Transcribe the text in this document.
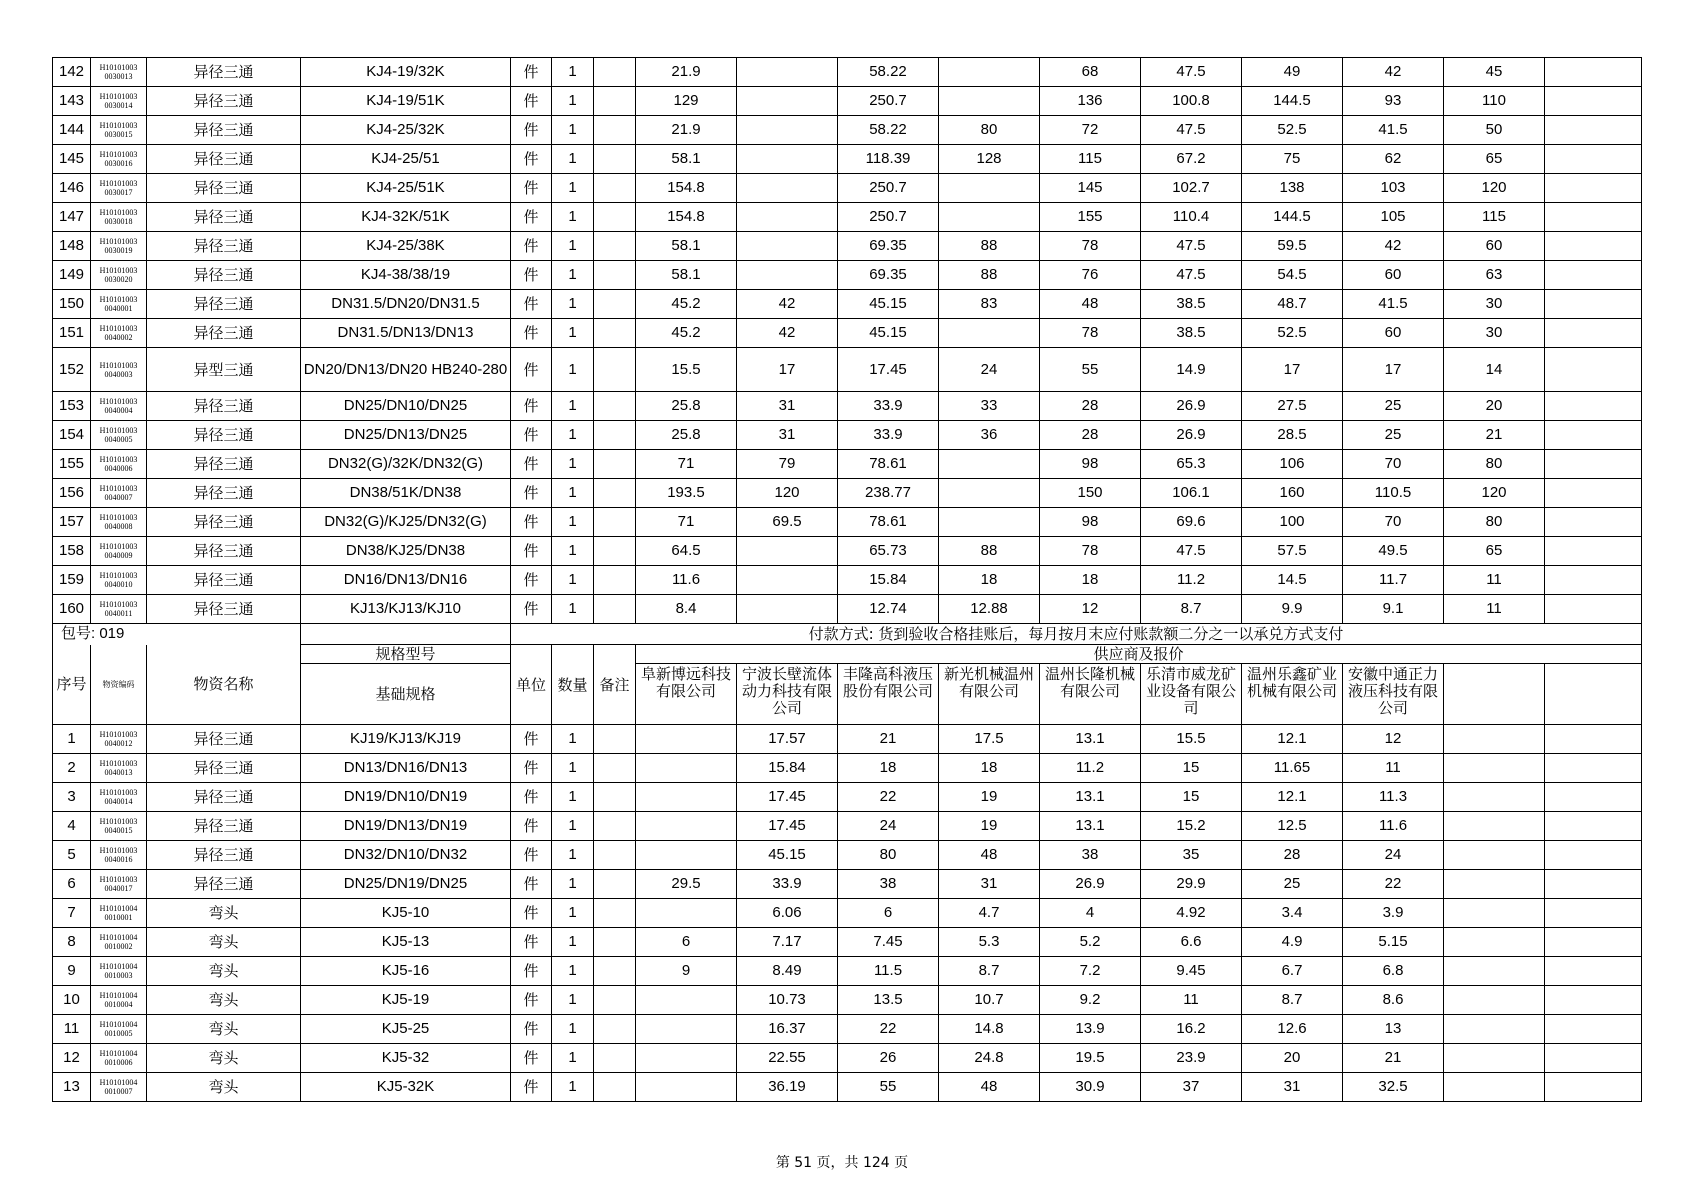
142	H10101003 0030013	异径三通	KJ4-19/32K	件	1		21.9		58.22		68	47.5	49	42	45	
143	H10101003 0030014	异径三通	KJ4-19/51K	件	1		129		250.7		136	100.8	144.5	93	110	
144	H10101003 0030015	异径三通	KJ4-25/32K	件	1		21.9		58.22	80	72	47.5	52.5	41.5	50	
145	H10101003 0030016	异径三通	KJ4-25/51	件	1		58.1		118.39	128	115	67.2	75	62	65	
146	H10101003 0030017	异径三通	KJ4-25/51K	件	1		154.8		250.7		145	102.7	138	103	120	
147	H10101003 0030018	异径三通	KJ4-32K/51K	件	1		154.8		250.7		155	110.4	144.5	105	115	
148	H10101003 0030019	异径三通	KJ4-25/38K	件	1		58.1		69.35	88	78	47.5	59.5	42	60	
149	H10101003 0030020	异径三通	KJ4-38/38/19	件	1		58.1		69.35	88	76	47.5	54.5	60	63	
150	H10101003 0040001	异径三通	DN31.5/DN20/DN31.5	件	1		45.2	42	45.15	83	48	38.5	48.7	41.5	30	
151	H10101003 0040002	异径三通	DN31.5/DN13/DN13	件	1		45.2	42	45.15		78	38.5	52.5	60	30	
152	H10101003 0040003	异型三通	DN20/DN13/DN20 HB240-280	件	1		15.5	17	17.45	24	55	14.9	17	17	14	
153	H10101003 0040004	异径三通	DN25/DN10/DN25	件	1		25.8	31	33.9	33	28	26.9	27.5	25	20	
154	H10101003 0040005	异径三通	DN25/DN13/DN25	件	1		25.8	31	33.9	36	28	26.9	28.5	25	21	
155	H10101003 0040006	异径三通	DN32(G)/32K/DN32(G)	件	1		71	79	78.61		98	65.3	106	70	80	
156	H10101003 0040007	异径三通	DN38/51K/DN38	件	1		193.5	120	238.77		150	106.1	160	110.5	120	
157	H10101003 0040008	异径三通	DN32(G)/KJ25/DN32(G)	件	1		71	69.5	78.61		98	69.6	100	70	80	
158	H10101003 0040009	异径三通	DN38/KJ25/DN38	件	1		64.5		65.73	88	78	47.5	57.5	49.5	65	
159	H10101003 0040010	异径三通	DN16/DN13/DN16	件	1		11.6		15.84	18	18	11.2	14.5	11.7	11	
160	H10101003 0040011	异径三通	KJ13/KJ13/KJ10	件	1		8.4		12.74	12.88	12	8.7	9.9	9.1	11	
包号: 019				付款方式: 货到验收合格挂账后，每月按月末应付账款额二分之一以承兑方式支付												
序号	物资编码	物资名称	规格型号	单位	数量	备注	供应商及报价									
			基础规格				阜新博远科技有限公司	宁波长壁流体动力科技有限公司	丰隆高科液压股份有限公司	新光机械温州有限公司	温州长隆机械有限公司	乐清市威龙矿业设备有限公司	温州乐鑫矿业机械有限公司	安徽中通正力液压科技有限公司		
1	H10101003 0040012	异径三通	KJ19/KJ13/KJ19	件	1			17.57	21	17.5	13.1	15.5	12.1	12		
2	H10101003 0040013	异径三通	DN13/DN16/DN13	件	1			15.84	18	18	11.2	15	11.65	11		
3	H10101003 0040014	异径三通	DN19/DN10/DN19	件	1			17.45	22	19	13.1	15	12.1	11.3		
4	H10101003 0040015	异径三通	DN19/DN13/DN19	件	1			17.45	24	19	13.1	15.2	12.5	11.6		
5	H10101003 0040016	异径三通	DN32/DN10/DN32	件	1			45.15	80	48	38	35	28	24		
6	H10101003 0040017	异径三通	DN25/DN19/DN25	件	1		29.5	33.9	38	31	26.9	29.9	25	22		
7	H10101004 0010001	弯头	KJ5-10	件	1			6.06	6	4.7	4	4.92	3.4	3.9		
8	H10101004 0010002	弯头	KJ5-13	件	1		6	7.17	7.45	5.3	5.2	6.6	4.9	5.15		
9	H10101004 0010003	弯头	KJ5-16	件	1		9	8.49	11.5	8.7	7.2	9.45	6.7	6.8		
10	H10101004 0010004	弯头	KJ5-19	件	1			10.73	13.5	10.7	9.2	11	8.7	8.6		
11	H10101004 0010005	弯头	KJ5-25	件	1			16.37	22	14.8	13.9	16.2	12.6	13		
12	H10101004 0010006	弯头	KJ5-32	件	1			22.55	26	24.8	19.5	23.9	20	21		
13	H10101004 0010007	弯头	KJ5-32K	件	1			36.19	55	48	30.9	37	31	32.5		
第 51 页，共 124 页
